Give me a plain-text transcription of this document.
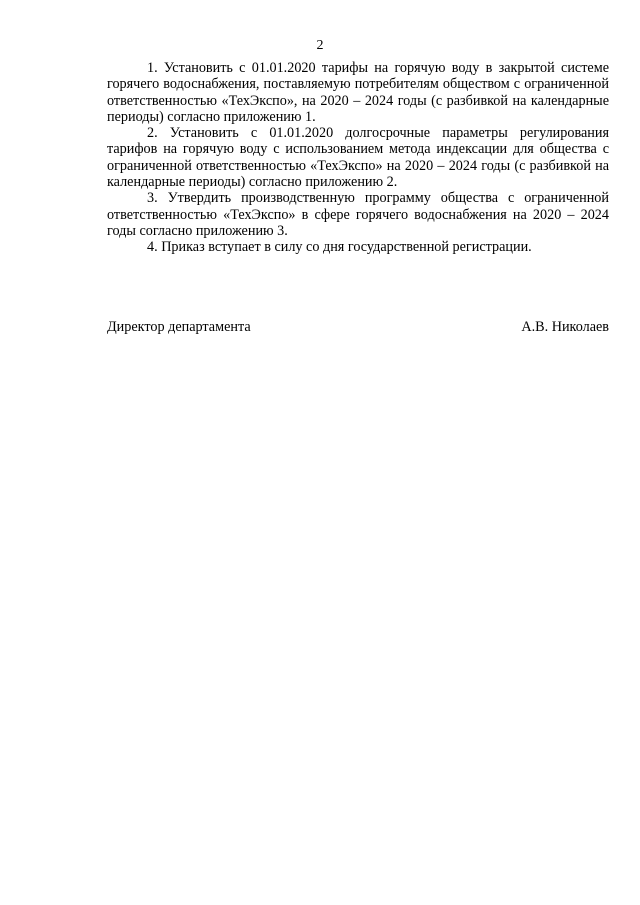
2

1. Установить с 01.01.2020 тарифы на горячую воду в закрытой системе горячего водоснабжения, поставляемую потребителям обществом с ограниченной ответственностью «ТехЭкспо», на 2020 – 2024 годы (с разбивкой на календарные периоды) согласно приложению 1.

2. Установить с 01.01.2020 долгосрочные параметры регулирования тарифов на горячую воду с использованием метода индексации для общества с ограниченной ответственностью «ТехЭкспо» на 2020 – 2024 годы (с разбивкой на календарные периоды) согласно приложению 2.

3. Утвердить производственную программу общества с ограниченной ответственностью «ТехЭкспо» в сфере горячего водоснабжения на 2020 – 2024 годы согласно приложению 3.

4. Приказ вступает в силу со дня государственной регистрации.

Директор департамента	А.В. Николаев
